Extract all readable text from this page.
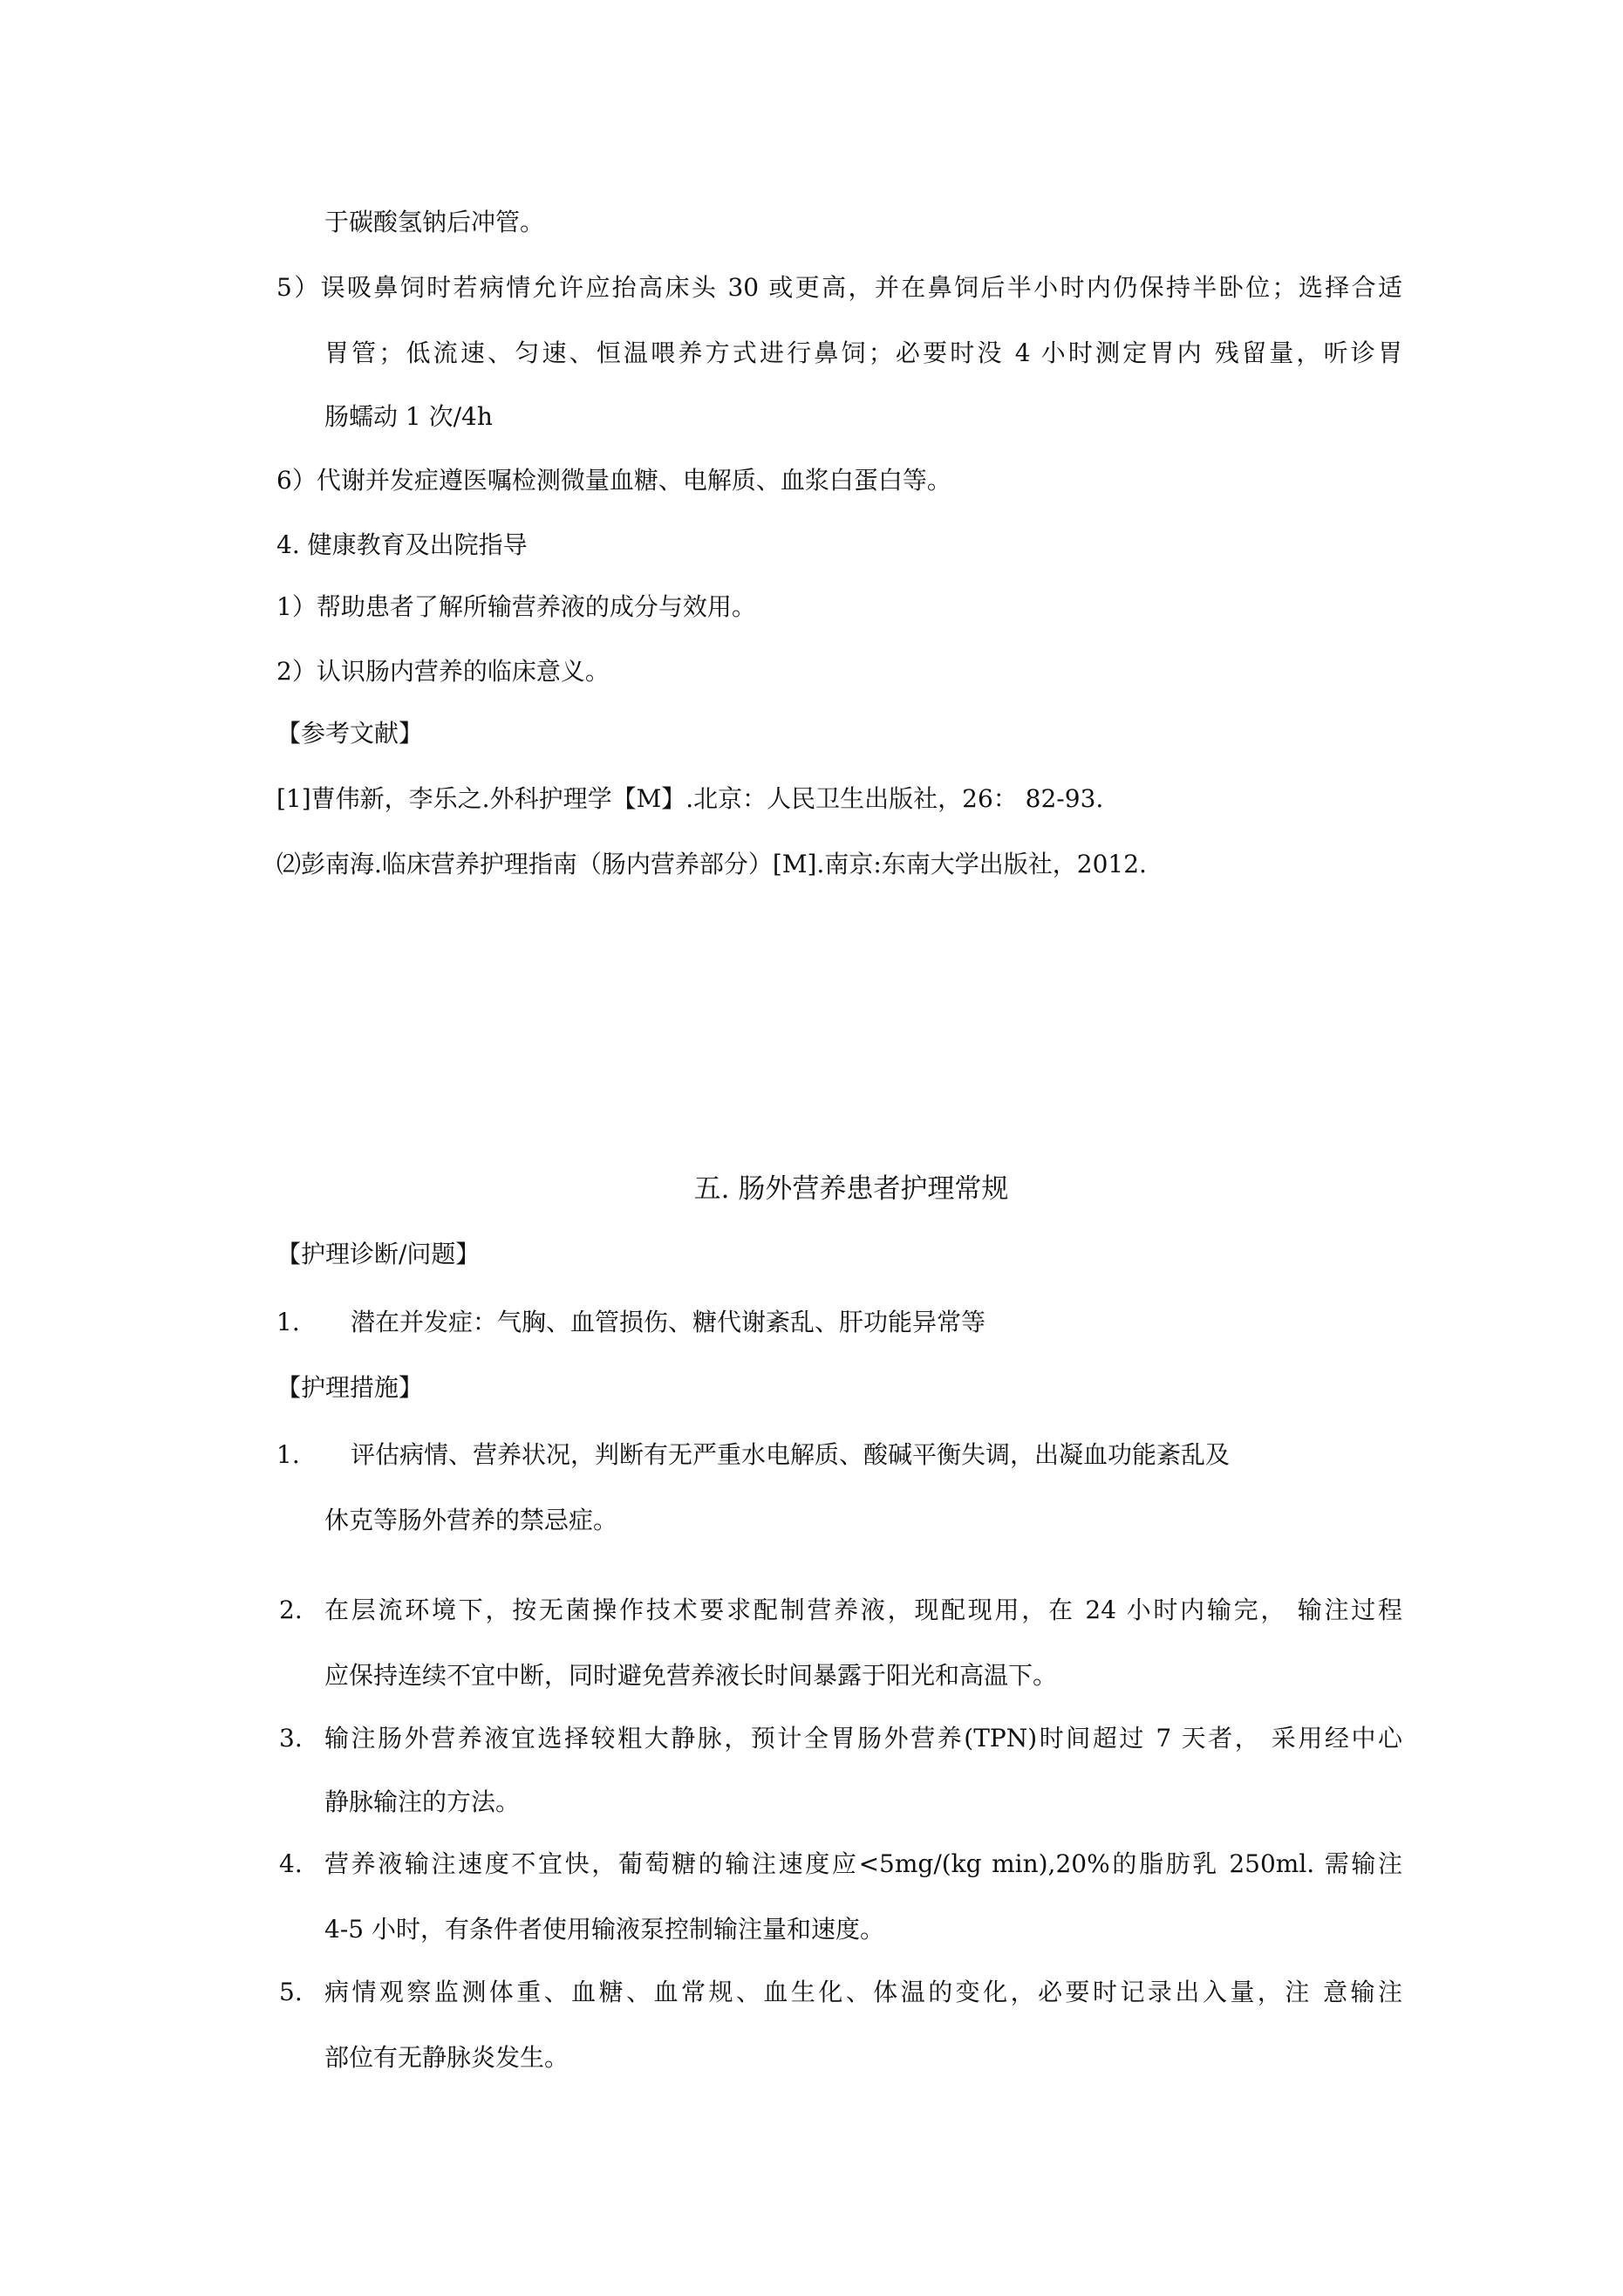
于碳酸氢钠后冲管。
5）误吸鼻饲时若病情允许应抬高床头 30 或更高，并在鼻饲后半小时内仍保持半卧位；选择合适
胃管；低流速、匀速、恒温喂养方式进行鼻饲；必要时没 4 小时测定胃内 残留量，听诊胃
肠蠕动 1 次/4h
6）代谢并发症遵医嘱检测微量血糖、电解质、血浆白蛋白等。
4. 健康教育及出院指导
1）帮助患者了解所输营养液的成分与效用。
2）认识肠内营养的临床意义。
【参考文献】
[1]曹伟新，李乐之.外科护理学【M】.北京：人民卫生出版社，26： 82-93.
⑵彭南海.临床营养护理指南（肠内营养部分）[M].南京:东南大学出版社，2012.
五. 肠外营养患者护理常规
【护理诊断/问题】
1. 潜在并发症：气胸、血管损伤、糖代谢紊乱、肝功能异常等
【护理措施】
1. 评估病情、营养状况，判断有无严重水电解质、酸碱平衡失调，出凝血功能紊乱及
休克等肠外营养的禁忌症。
2. 在层流环境下，按无菌操作技术要求配制营养液，现配现用，在 24 小时内输完， 输注过程
应保持连续不宜中断，同时避免营养液长时间暴露于阳光和高温下。
3. 输注肠外营养液宜选择较粗大静脉，预计全胃肠外营养(TPN)时间超过 7 天者， 采用经中心
静脉输注的方法。
4. 营养液输注速度不宜快，葡萄糖的输注速度应<5mg/(kg min),20%的脂肪乳 250ml. 需输注
4-5 小时，有条件者使用输液泵控制输注量和速度。
5. 病情观察监测体重、血糖、血常规、血生化、体温的变化，必要时记录出入量，注 意输注
部位有无静脉炎发生。
